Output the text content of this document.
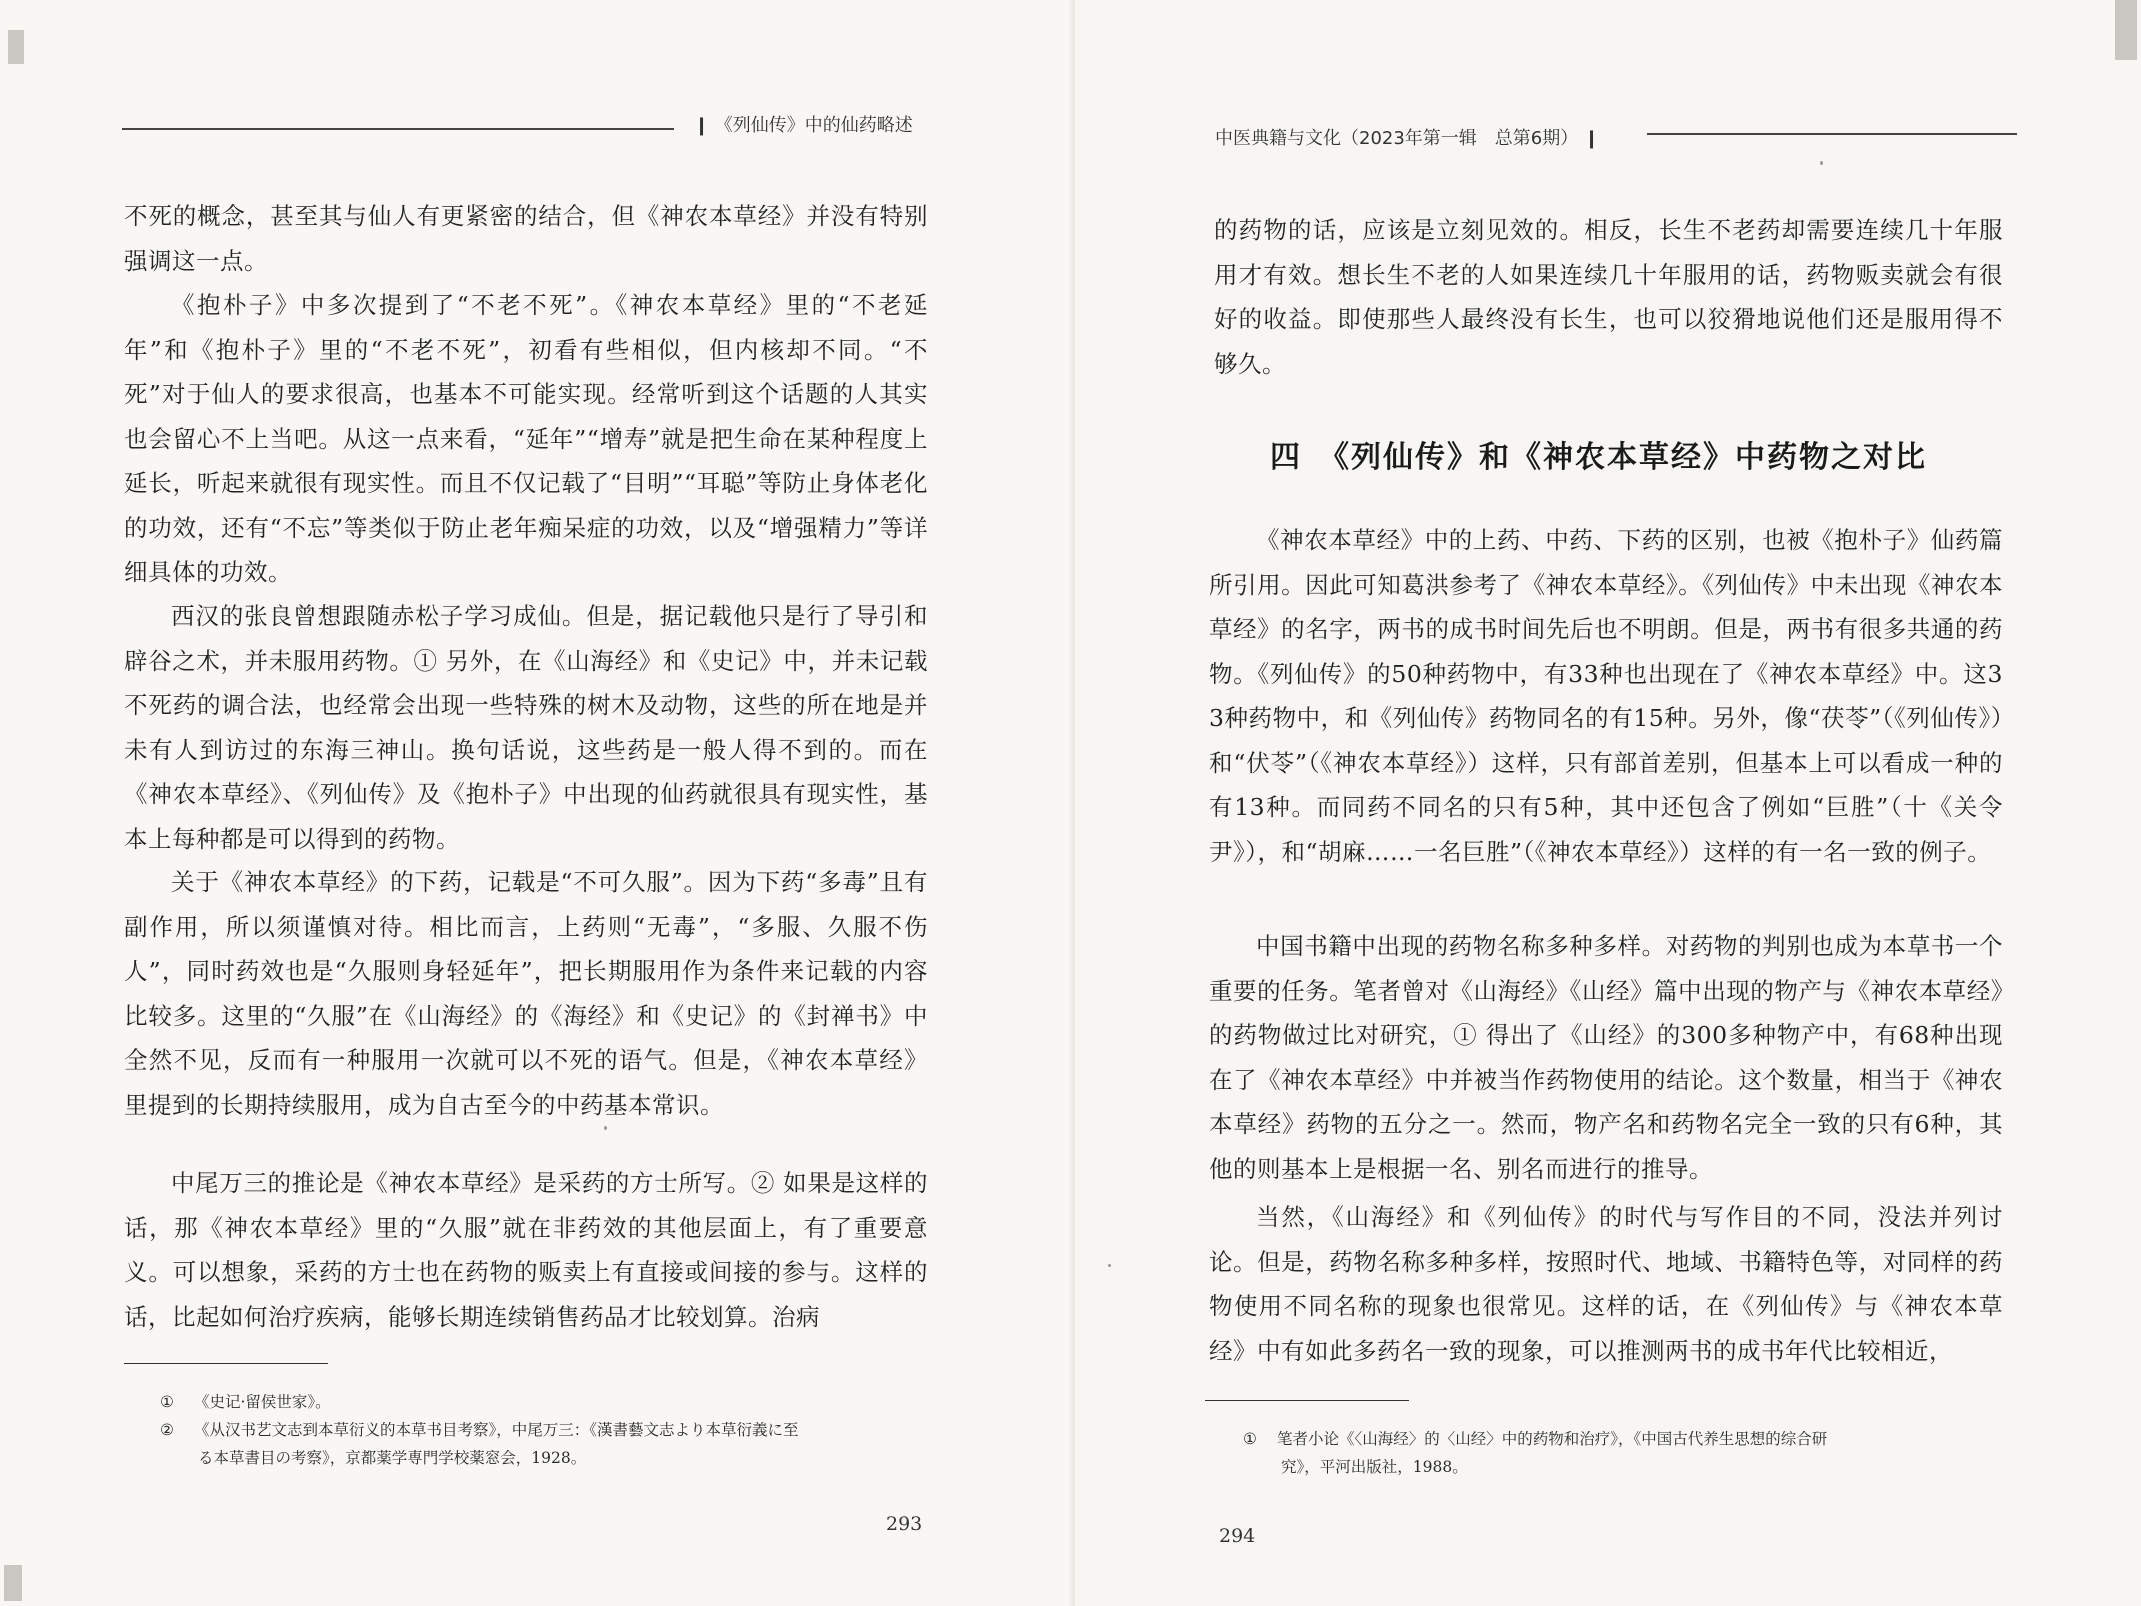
❙ 《列仙传》中的仙药略述
不死的概念，甚至其与仙人有更紧密的结合，但《神农本草经》并没有特别强调这一点。
《抱朴子》中多次提到了“不老不死”。《神农本草经》里的“不老延年”和《抱朴子》里的“不老不死”，初看有些相似，但内核却不同。“不死”对于仙人的要求很高，也基本不可能实现。经常听到这个话题的人其实也会留心不上当吧。从这一点来看，“延年”“增寿”就是把生命在某种程度上延长，听起来就很有现实性。而且不仅记载了“目明”“耳聪”等防止身体老化的功效，还有“不忘”等类似于防止老年痴呆症的功效，以及“增强精力”等详细具体的功效。
西汉的张良曾想跟随赤松子学习成仙。但是，据记载他只是行了导引和辟谷之术，并未服用药物。① 另外，在《山海经》和《史记》中，并未记载不死药的调合法，也经常会出现一些特殊的树木及动物，这些的所在地是并未有人到访过的东海三神山。换句话说，这些药是一般人得不到的。而在《神农本草经》、《列仙传》及《抱朴子》中出现的仙药就很具有现实性，基本上每种都是可以得到的药物。
关于《神农本草经》的下药，记载是“不可久服”。因为下药“多毒”且有副作用，所以须谨慎对待。相比而言，上药则“无毒”，“多服、久服不伤人”，同时药效也是“久服则身轻延年”，把长期服用作为条件来记载的内容比较多。这里的“久服”在《山海经》的《海经》和《史记》的《封禅书》中全然不见，反而有一种服用一次就可以不死的语气。但是，《神农本草经》里提到的长期持续服用，成为自古至今的中药基本常识。
中尾万三的推论是《神农本草经》是采药的方士所写。② 如果是这样的话，那《神农本草经》里的“久服”就在非药效的其他层面上，有了重要意义。可以想象，采药的方士也在药物的贩卖上有直接或间接的参与。这样的话，比起如何治疗疾病，能够长期连续销售药品才比较划算。治病
① 《史记·留侯世家》。
② 《从汉书艺文志到本草衍义的本草书目考察》，中尾万三：《漢書藝文志より本草衍義に至
る本草書目の考察》，京都薬学専門学校薬窓会，1928。
293
中医典籍与文化（2023年第一辑　总第6期） ❙
的药物的话，应该是立刻见效的。相反，长生不老药却需要连续几十年服用才有效。想长生不老的人如果连续几十年服用的话，药物贩卖就会有很好的收益。即使那些人最终没有长生，也可以狡猾地说他们还是服用得不够久。
四　《列仙传》和《神农本草经》中药物之对比
《神农本草经》中的上药、中药、下药的区别，也被《抱朴子》仙药篇所引用。因此可知葛洪参考了《神农本草经》。《列仙传》中未出现《神农本草经》的名字，两书的成书时间先后也不明朗。但是，两书有很多共通的药物。《列仙传》的50种药物中，有33种也出现在了《神农本草经》中。这33种药物中，和《列仙传》药物同名的有15种。另外，像“茯苓”（《列仙传》）和“伏苓”（《神农本草经》）这样，只有部首差别，但基本上可以看成一种的有13种。而同药不同名的只有5种，其中还包含了例如“巨胜”（十《关令尹》），和“胡麻……一名巨胜”（《神农本草经》）这样的有一名一致的例子。
中国书籍中出现的药物名称多种多样。对药物的判别也成为本草书一个重要的任务。笔者曾对《山海经》《山经》篇中出现的物产与《神农本草经》的药物做过比对研究，① 得出了《山经》的300多种物产中，有68种出现在了《神农本草经》中并被当作药物使用的结论。这个数量，相当于《神农本草经》药物的五分之一。然而，物产名和药物名完全一致的只有6种，其他的则基本上是根据一名、别名而进行的推导。
当然，《山海经》和《列仙传》的时代与写作目的不同，没法并列讨论。但是，药物名称多种多样，按照时代、地域、书籍特色等，对同样的药物使用不同名称的现象也很常见。这样的话，在《列仙传》与《神农本草经》中有如此多药名一致的现象，可以推测两书的成书年代比较相近，
① 笔者小论《〈山海经〉的〈山经〉中的药物和治疗》，《中国古代养生思想的综合研
究》，平河出版社，1988。
294
